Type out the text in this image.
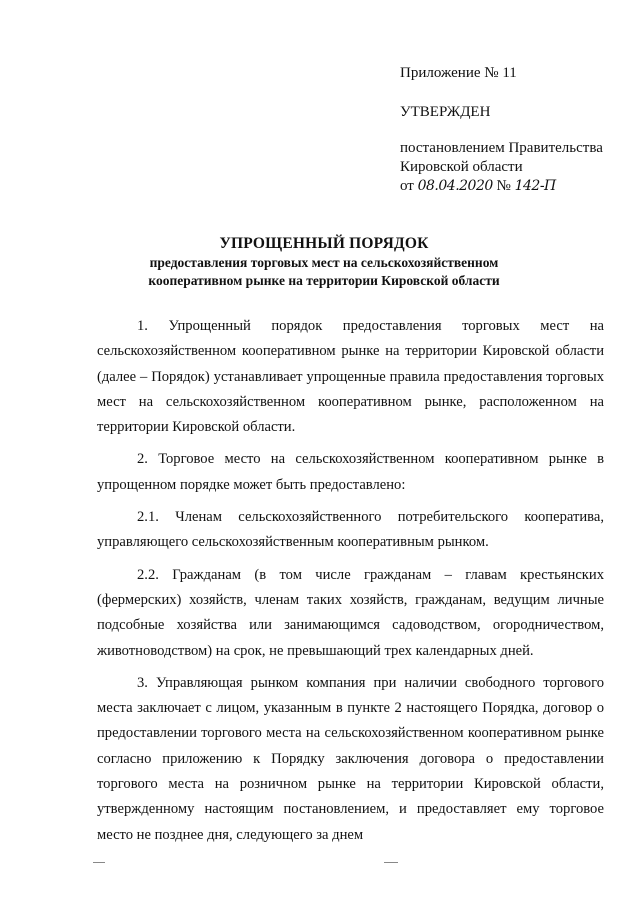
Приложение № 11
УТВЕРЖДЕН
постановлением Правительства
Кировской области
от 08.04.2020 № 142-П
УПРОЩЕННЫЙ ПОРЯДОК
предоставления торговых мест на сельскохозяйственном
кооперативном рынке на территории Кировской области

1. Упрощенный порядок предоставления торговых мест на сельскохозяйственном кооперативном рынке на территории Кировской области (далее – Порядок) устанавливает упрощенные правила предоставления торговых мест на сельскохозяйственном кооперативном рынке, расположенном на территории Кировской области.

2. Торговое место на сельскохозяйственном кооперативном рынке в упрощенном порядке может быть предоставлено:

2.1. Членам сельскохозяйственного потребительского кооператива, управляющего сельскохозяйственным кооперативным рынком.

2.2. Гражданам (в том числе гражданам – главам крестьянских (фермерских) хозяйств, членам таких хозяйств, гражданам, ведущим личные подсобные хозяйства или занимающимся садоводством, огородничеством, животноводством) на срок, не превышающий трех календарных дней.

3. Управляющая рынком компания при наличии свободного торгового места заключает с лицом, указанным в пункте 2 настоящего Порядка, договор о предоставлении торгового места на сельскохозяйственном кооперативном рынке согласно приложению к Порядку заключения договора о предоставлении торгового места на розничном рынке на территории Кировской области, утвержденному настоящим постановлением, и предоставляет ему торговое место не позднее дня, следующего за днем
